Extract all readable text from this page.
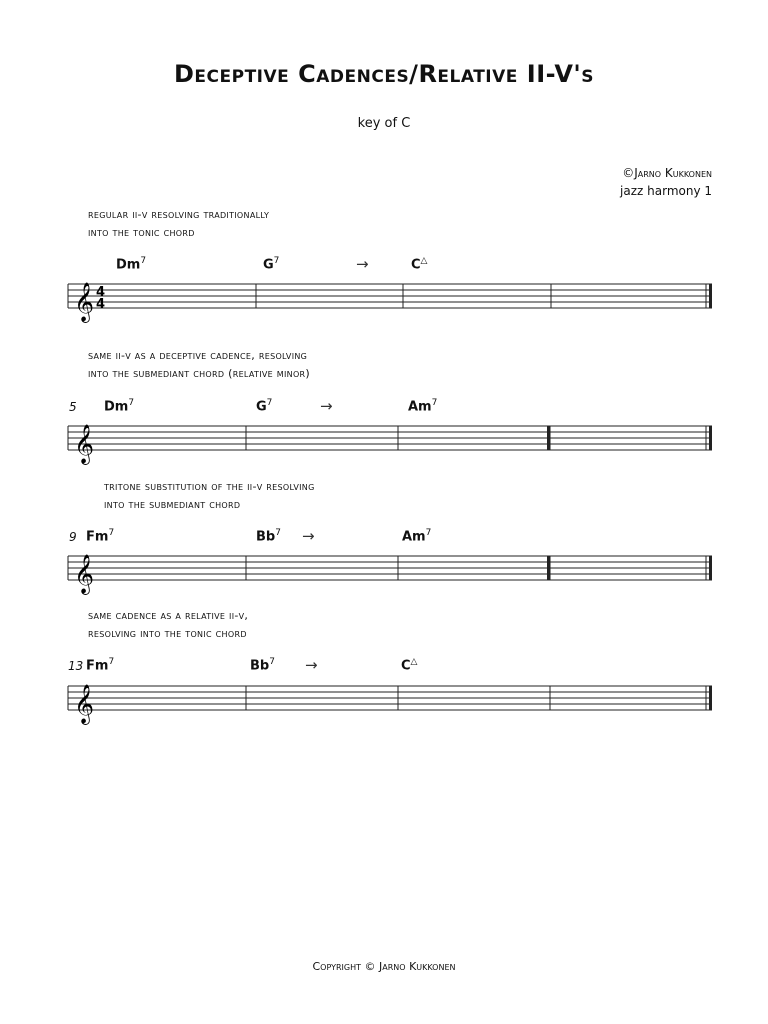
Deceptive Cadences/Relative II-V's
key of C
©Jarno Kukkonen
jazz harmony 1
regular ii-v resolving traditionally
into the tonic chord
Dm$^7$	$G^7$	→	C△
𝄞 4
4
same ii-v as a deceptive cadence, resolving
into the submediant chord (relative minor)
5 Dm$^7$	$G^7$	→	$Am^7$
𝄞
tritone substitution of the ii-v resolving
into the submediant chord
9 Fm$^7$	$Bb^7$ →	$Am^7$
𝄞
same cadence as a relative ii-v,
resolving into the tonic chord
13 Fm$^7$	$Bb^7$ →	C△
𝄞
Copyright © Jarno Kukkonen
